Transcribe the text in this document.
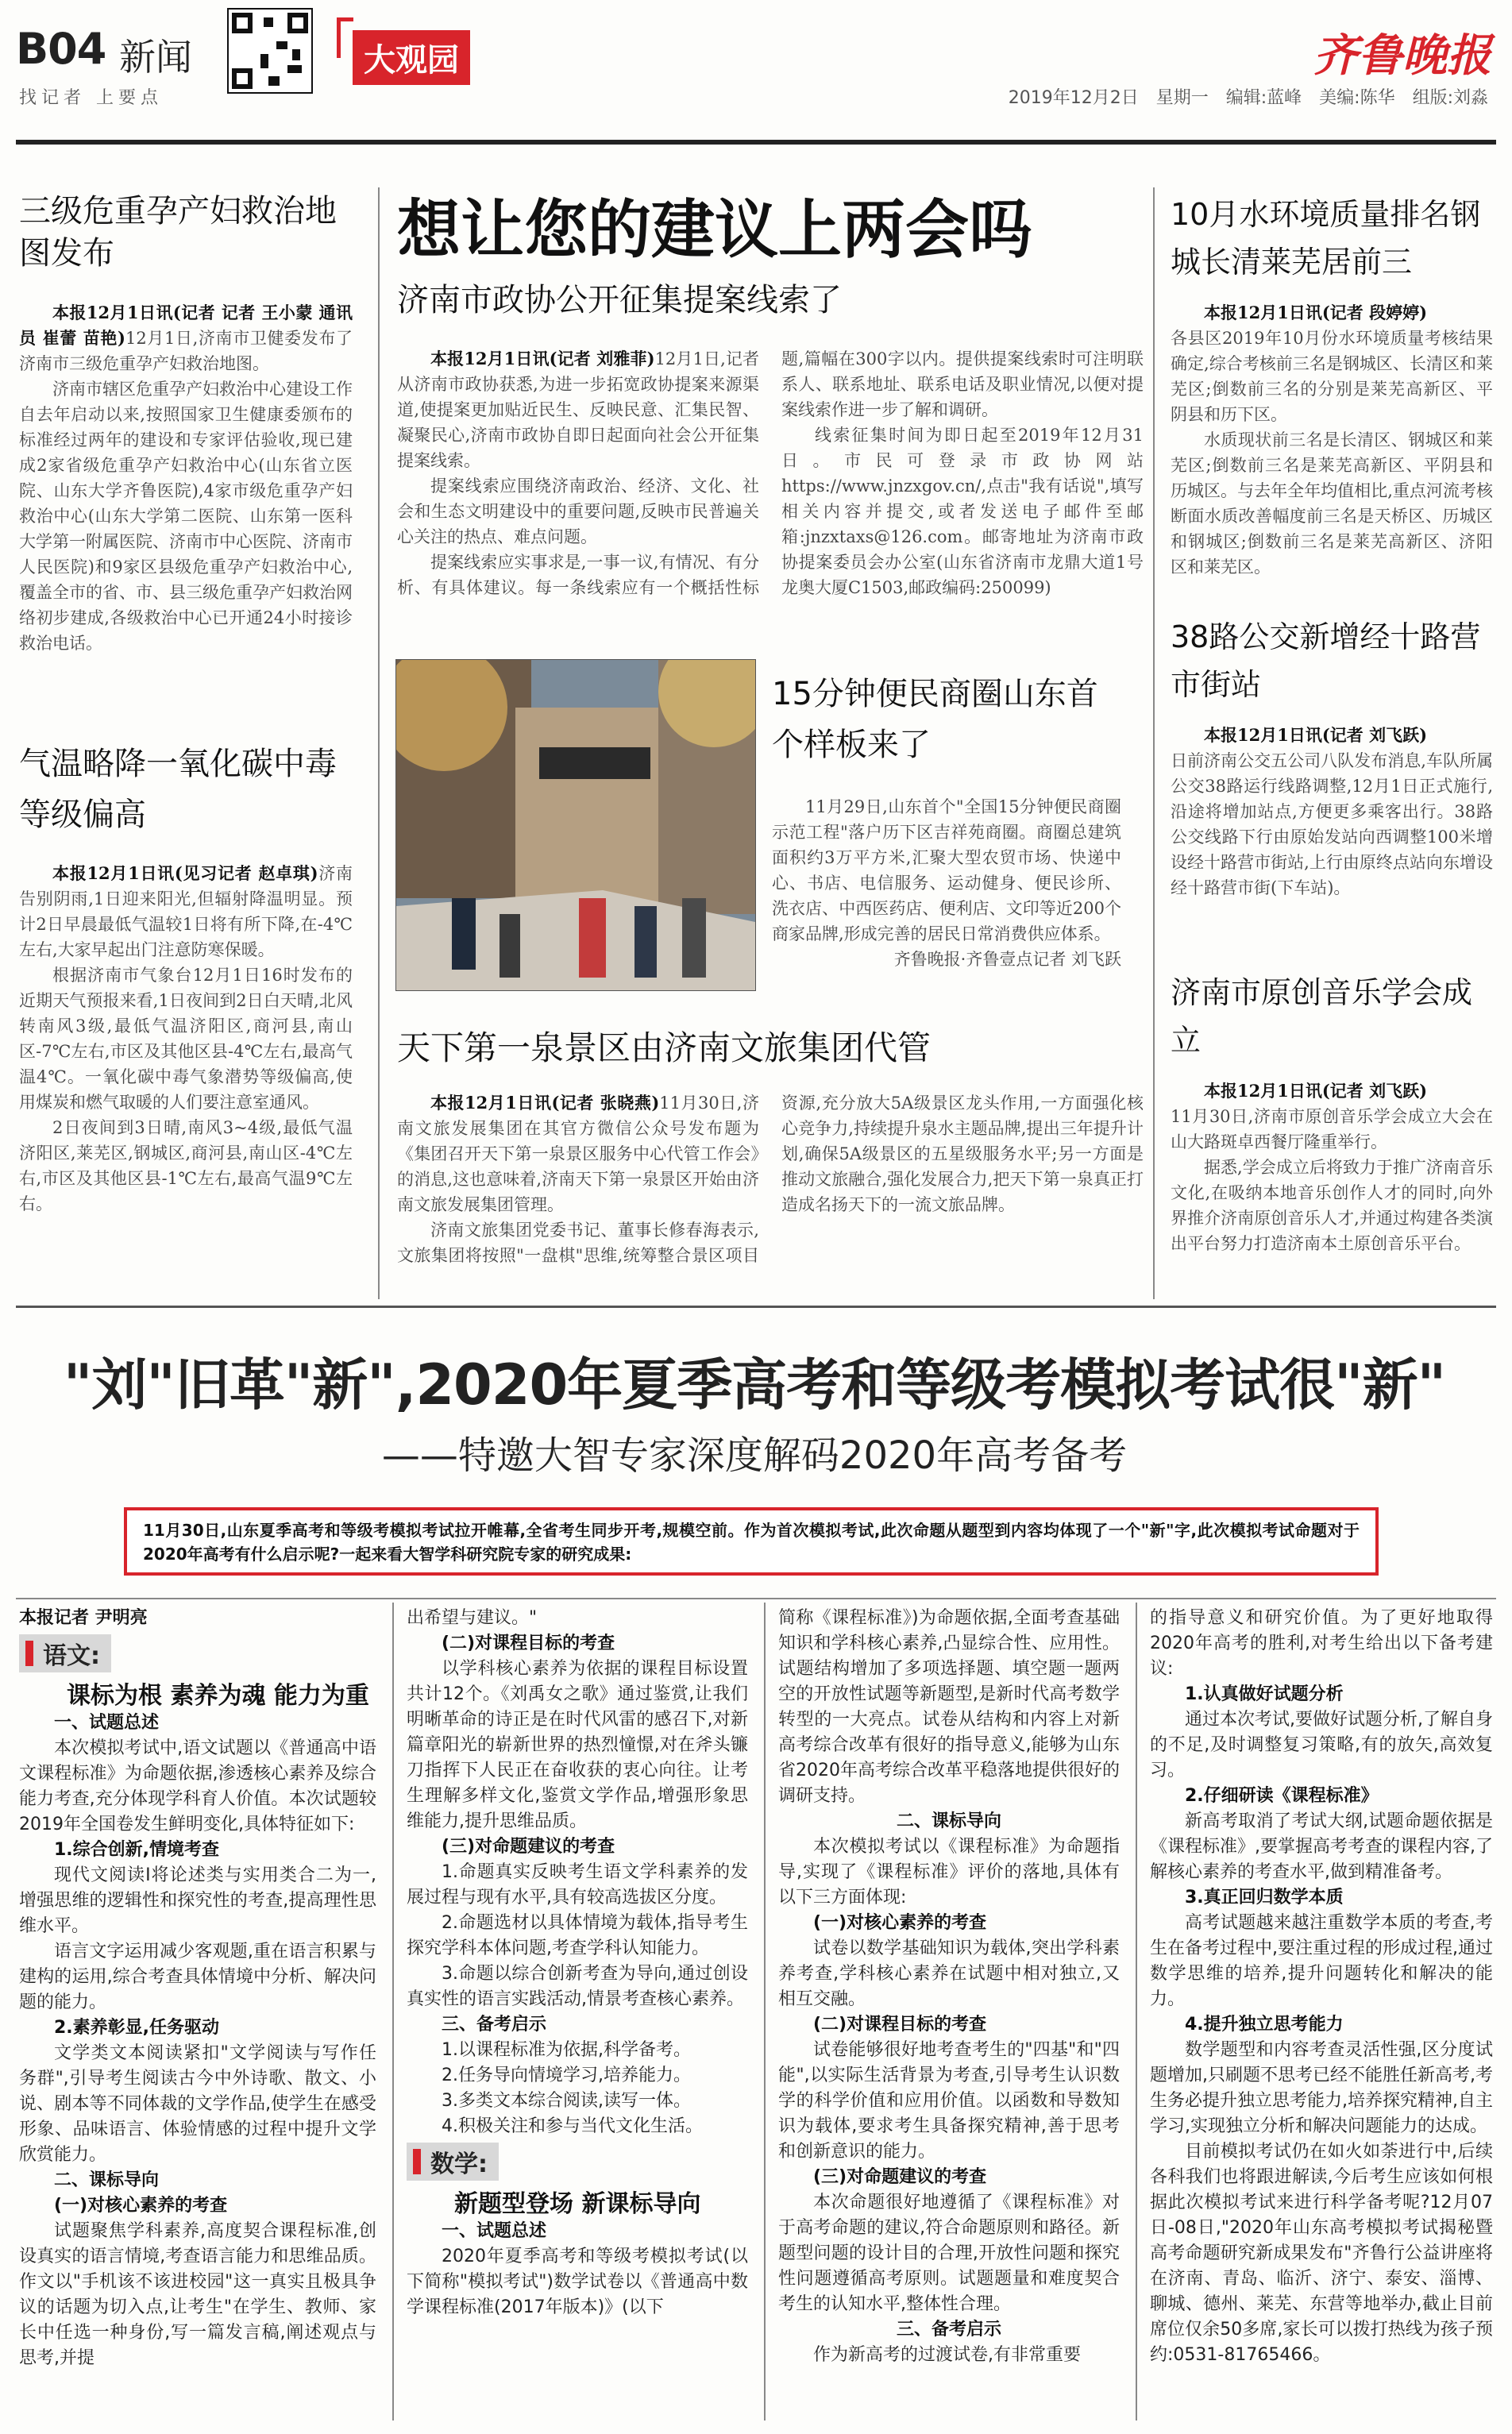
B04 新闻	大观园	齐鲁晚报
找记者 上要点	2019年12月2日　星期一　编辑:蓝峰　美编:陈华　组版:刘淼
三级危重孕产妇救治地图发布

本报12月1日讯(记者 记者 王小蒙 通讯员 崔蕾 苗艳)12月1日,济南市卫健委发布了济南市三级危重孕产妇救治地图。

济南市辖区危重孕产妇救治中心建设工作自去年启动以来,按照国家卫生健康委颁布的标准经过两年的建设和专家评估验收,现已建成2家省级危重孕产妇救治中心(山东省立医院、山东大学齐鲁医院),4家市级危重孕产妇救治中心(山东大学第二医院、山东第一医科大学第一附属医院、济南市中心医院、济南市人民医院)和9家区县级危重孕产妇救治中心,覆盖全市的省、市、县三级危重孕产妇救治网络初步建成,各级救治中心已开通24小时接诊救治电话。

气温略降一氧化碳中毒等级偏高

本报12月1日讯(见习记者 赵卓琪)济南告别阴雨,1日迎来阳光,但辐射降温明显。预计2日早晨最低气温较1日将有所下降,在-4℃左右,大家早起出门注意防寒保暖。

根据济南市气象台12月1日16时发布的近期天气预报来看,1日夜间到2日白天晴,北风转南风3级,最低气温济阳区,商河县,南山区-7℃左右,市区及其他区县-4℃左右,最高气温4℃。一氧化碳中毒气象潜势等级偏高,使用煤炭和燃气取暖的人们要注意室通风。

2日夜间到3日晴,南风3~4级,最低气温济阳区,莱芜区,钢城区,商河县,南山区-4℃左右,市区及其他区县-1℃左右,最高气温9℃左右。

想让您的建议上两会吗
济南市政协公开征集提案线索了

本报12月1日讯(记者 刘雅菲)12月1日,记者从济南市政协获悉,为进一步拓宽政协提案来源渠道,使提案更加贴近民生、反映民意、汇集民智、凝聚民心,济南市政协自即日起面向社会公开征集提案线索。

提案线索应围绕济南政治、经济、文化、社会和生态文明建设中的重要问题,反映市民普遍关心关注的热点、难点问题。

提案线索应实事求是,一事一议,有情况、有分析、有具体建议。每一条线索应有一个概括性标题,篇幅在300字以内。提供提案线索时可注明联系人、联系地址、联系电话及职业情况,以便对提案线索作进一步了解和调研。

线索征集时间为即日起至2019年12月31日。市民可登录市政协网站https://www.jnzxgov.cn/,点击"我有话说",填写相关内容并提交,或者发送电子邮件至邮箱:jnzxtaxs@126.com。邮寄地址为济南市政协提案委员会办公室(山东省济南市龙鼎大道1号龙奥大厦C1503,邮政编码:250099)

15分钟便民商圈山东首个样板来了

11月29日,山东首个"全国15分钟便民商圈示范工程"落户历下区吉祥苑商圈。商圈总建筑面积约3万平方米,汇聚大型农贸市场、快递中心、书店、电信服务、运动健身、便民诊所、洗衣店、中西医药店、便利店、文印等近200个商家品牌,形成完善的居民日常消费供应体系。

齐鲁晚报·齐鲁壹点记者 刘飞跃

天下第一泉景区由济南文旅集团代管

本报12月1日讯(记者 张晓燕)11月30日,济南文旅发展集团在其官方微信公众号发布题为《集团召开天下第一泉景区服务中心代管工作会》的消息,这也意味着,济南天下第一泉景区开始由济南文旅发展集团管理。

济南文旅集团党委书记、董事长修春海表示,文旅集团将按照"一盘棋"思维,统筹整合景区项目资源,充分放大5A级景区龙头作用,一方面强化核心竞争力,持续提升泉水主题品牌,提出三年提升计划,确保5A级景区的五星级服务水平;另一方面是推动文旅融合,强化发展合力,把天下第一泉真正打造成名扬天下的一流文旅品牌。

10月水环境质量排名钢城长清莱芜居前三

本报12月1日讯(记者 段婷婷)

各县区2019年10月份水环境质量考核结果确定,综合考核前三名是钢城区、长清区和莱芜区;倒数前三名的分别是莱芜高新区、平阴县和历下区。

水质现状前三名是长清区、钢城区和莱芜区;倒数前三名是莱芜高新区、平阴县和历城区。与去年全年均值相比,重点河流考核断面水质改善幅度前三名是天桥区、历城区和钢城区;倒数前三名是莱芜高新区、济阳区和莱芜区。

38路公交新增经十路营市街站

本报12月1日讯(记者 刘飞跃)

日前济南公交五公司八队发布消息,车队所属公交38路运行线路调整,12月1日正式施行,沿途将增加站点,方便更多乘客出行。38路公交线路下行由原始发站向西调整100米增设经十路营市街站,上行由原终点站向东增设经十路营市街(下车站)。

济南市原创音乐学会成立

本报12月1日讯(记者 刘飞跃)

11月30日,济南市原创音乐学会成立大会在山大路斑卓西餐厅隆重举行。

据悉,学会成立后将致力于推广济南音乐文化,在吸纳本地音乐创作人才的同时,向外界推介济南原创音乐人才,并通过构建各类演出平台努力打造济南本土原创音乐平台。

"刘"旧革"新",2020年夏季高考和等级考模拟考试很"新"
——特邀大智专家深度解码2020年高考备考

11月30日,山东夏季高考和等级考模拟考试拉开帷幕,全省考生同步开考,规模空前。作为首次模拟考试,此次命题从题型到内容均体现了一个"新"字,此次模拟考试命题对于2020年高考有什么启示呢?一起来看大智学科研究院专家的研究成果:

本报记者 尹明亮

语文:

课标为根 素养为魂 能力为重

一、试题总述

本次模拟考试中,语文试题以《普通高中语文课程标准》为命题依据,渗透核心素养及综合能力考查,充分体现学科育人价值。本次试题较2019年全国卷发生鲜明变化,具体特征如下:

1.综合创新,情境考查

现代文阅读I将论述类与实用类合二为一,增强思维的逻辑性和探究性的考查,提高理性思维水平。

语言文字运用减少客观题,重在语言积累与建构的运用,综合考查具体情境中分析、解决问题的能力。

2.素养彰显,任务驱动

文学类文本阅读紧扣"文学阅读与写作任务群",引导考生阅读古今中外诗歌、散文、小说、剧本等不同体裁的文学作品,使学生在感受形象、品味语言、体验情感的过程中提升文学欣赏能力。

二、课标导向

(一)对核心素养的考查

试题聚焦学科素养,高度契合课程标准,创设真实的语言情境,考查语言能力和思维品质。作文以"手机该不该进校园"这一真实且极具争议的话题为切入点,让考生"在学生、教师、家长中任选一种身份,写一篇发言稿,阐述观点与思考,并提

出希望与建议。"

(二)对课程目标的考查

以学科核心素养为依据的课程目标设置共计12个。《刘禹女之歌》通过鉴赏,让我们明晰革命的诗正是在时代风雷的感召下,对新篇章阳光的崭新世界的热烈憧憬,对在斧头镰刀指挥下人民正在奋收获的衷心向往。让考生理解多样文化,鉴赏文学作品,增强形象思维能力,提升思维品质。

(三)对命题建议的考查

1.命题真实反映考生语文学科素养的发展过程与现有水平,具有较高选拔区分度。

2.命题选材以具体情境为载体,指导考生探究学科本体问题,考查学科认知能力。

3.命题以综合创新考查为导向,通过创设真实性的语言实践活动,情景考查核心素养。

三、备考启示

1.以课程标准为依据,科学备考。

2.任务导向情境学习,培养能力。

3.多类文本综合阅读,读写一体。

4.积极关注和参与当代文化生活。

数学:

新题型登场 新课标导向

一、试题总述

2020年夏季高考和等级考模拟考试(以下简称"模拟考试")数学试卷以《普通高中数学课程标准(2017年版本)》(以下

简称《课程标准》)为命题依据,全面考查基础知识和学科核心素养,凸显综合性、应用性。试题结构增加了多项选择题、填空题一题两空的开放性试题等新题型,是新时代高考数学转型的一大亮点。试卷从结构和内容上对新高考综合改革有很好的指导意义,能够为山东省2020年高考综合改革平稳落地提供很好的调研支持。

二、课标导向

本次模拟考试以《课程标准》为命题指导,实现了《课程标准》评价的落地,具体有以下三方面体现:

(一)对核心素养的考查

试卷以数学基础知识为载体,突出学科素养考查,学科核心素养在试题中相对独立,又相互交融。

(二)对课程目标的考查

试卷能够很好地考查考生的"四基"和"四能",以实际生活背景为考查,引导考生认识数学的科学价值和应用价值。以函数和导数知识为载体,要求考生具备探究精神,善于思考和创新意识的能力。

(三)对命题建议的考查

本次命题很好地遵循了《课程标准》对于高考命题的建议,符合命题原则和路径。新题型问题的设计目的合理,开放性问题和探究性问题遵循高考原则。试题题量和难度契合考生的认知水平,整体性合理。

三、备考启示

作为新高考的过渡试卷,有非常重要

的指导意义和研究价值。为了更好地取得2020年高考的胜利,对考生给出以下备考建议:

1.认真做好试题分析

通过本次考试,要做好试题分析,了解自身的不足,及时调整复习策略,有的放矢,高效复习。

2.仔细研读《课程标准》

新高考取消了考试大纲,试题命题依据是《课程标准》,要掌握高考考查的课程内容,了解核心素养的考查水平,做到精准备考。

3.真正回归数学本质

高考试题越来越注重数学本质的考查,考生在备考过程中,要注重过程的形成过程,通过数学思维的培养,提升问题转化和解决的能力。

4.提升独立思考能力

数学题型和内容考查灵活性强,区分度试题增加,只刷题不思考已经不能胜任新高考,考生务必提升独立思考能力,培养探究精神,自主学习,实现独立分析和解决问题能力的达成。

目前模拟考试仍在如火如荼进行中,后续各科我们也将跟进解读,今后考生应该如何根据此次模拟考试来进行科学备考呢?12月07日-08日,"2020年山东高考模拟考试揭秘暨高考命题研究新成果发布"齐鲁行公益讲座将在济南、青岛、临沂、济宁、泰安、淄博、聊城、德州、莱芜、东营等地举办,截止目前席位仅余50多席,家长可以拨打热线为孩子预约:0531-81765466。
